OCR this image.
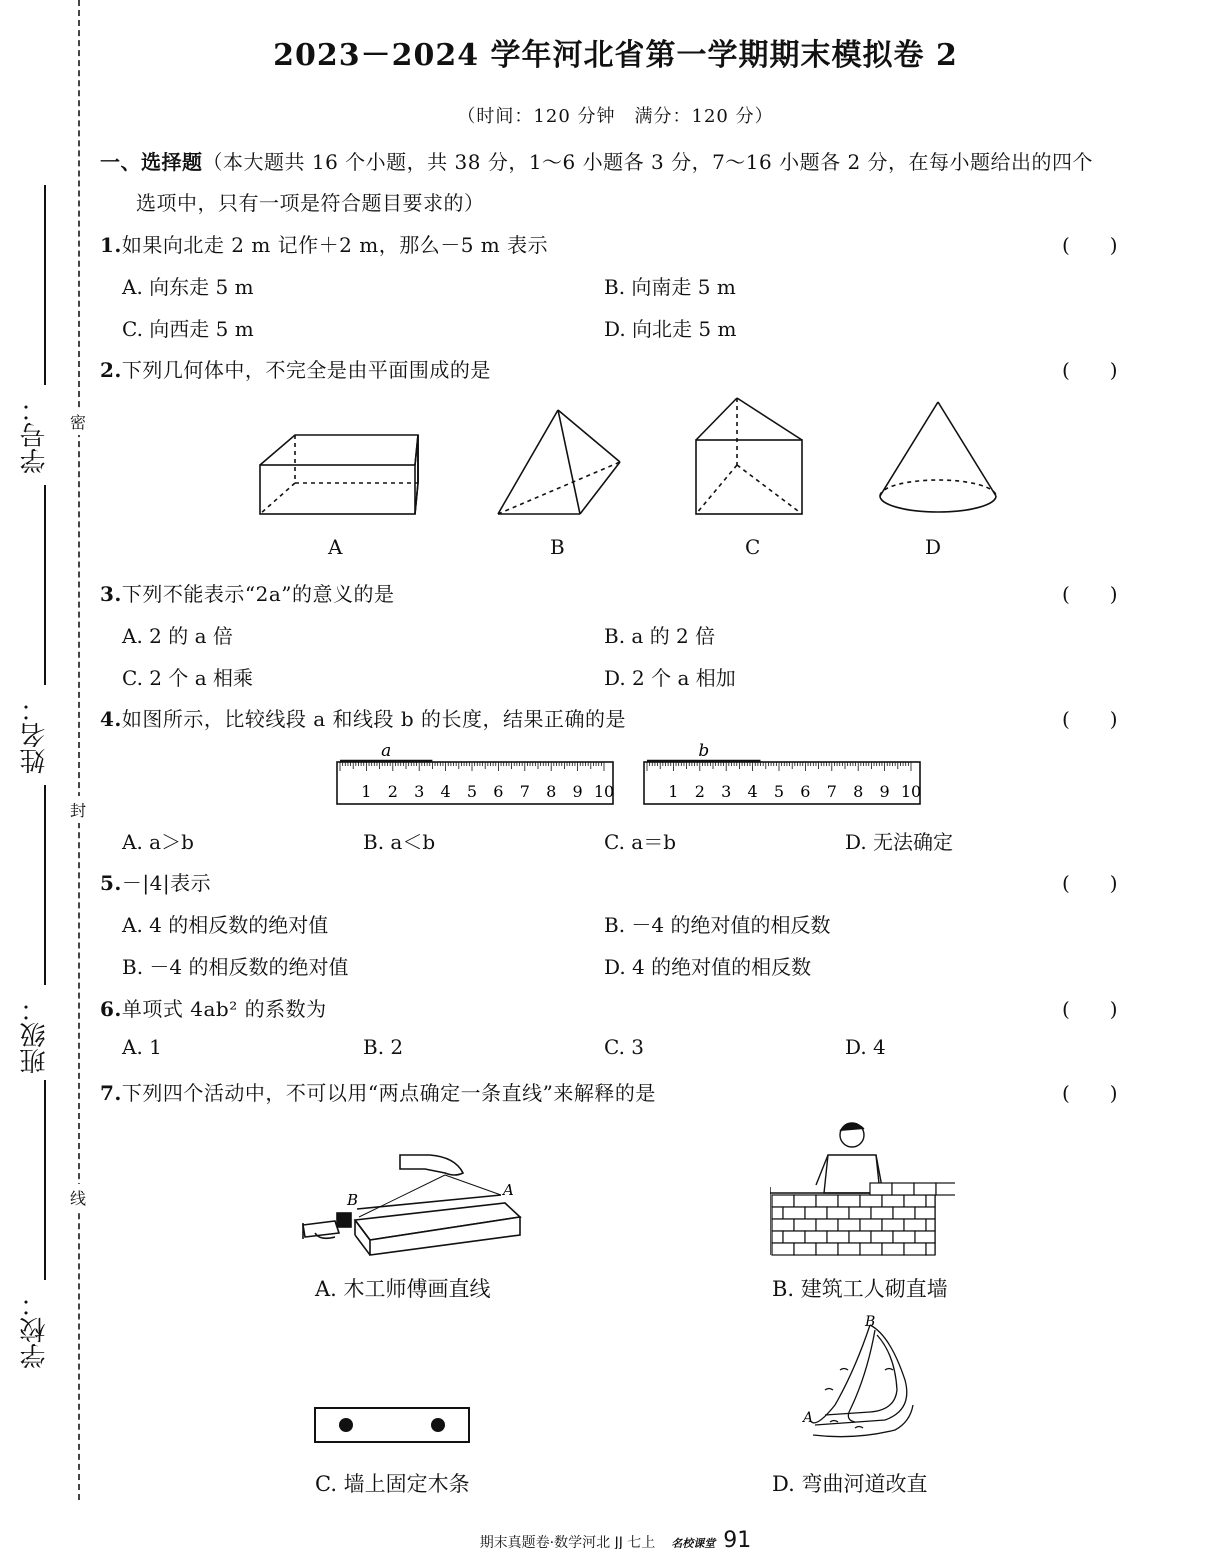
密
封
线
学号：
姓名：
班级：
学校：
2023－2024 学年河北省第一学期期末模拟卷 2
（时间：120 分钟　满分：120 分）
一、选择题（本大题共 16 个小题，共 38 分，1～6 小题各 3 分，7～16 小题各 2 分，在每小题给出的四个
选项中，只有一项是符合题目要求的）
1.如果向北走 2 m 记作＋2 m，那么－5 m 表示	(　　)
A. 向东走 5 m	B. 向南走 5 m
C. 向西走 5 m	D. 向北走 5 m
2.下列几何体中，不完全是由平面围成的是	(　　)
A	B	C	D
3.下列不能表示“2a”的意义的是	(　　)
A. 2 的 a 倍	B. a 的 2 倍
C. 2 个 a 相乘	D. 2 个 a 相加
4.如图所示，比较线段 a 和线段 b 的长度，结果正确的是	(　　)
1 2 3 4 5 6 7 8 9 10
a
1 2 3 4 5 6 7 8 9 10
b
A. a＞b	B. a＜b	C. a＝b	D. 无法确定
5.－|4|表示	(　　)
A. 4 的相反数的绝对值	B. －4 的绝对值的相反数
B. －4 的相反数的绝对值	D. 4 的绝对值的相反数
6.单项式 4ab² 的系数为	(　　)
A. 1	B. 2	C. 3	D. 4
7.下列四个活动中，不可以用“两点确定一条直线”来解释的是	(　　)
B
A
A. 木工师傅画直线	B. 建筑工人砌直墙
C. 墙上固定木条
B
A
D. 弯曲河道改直
期末真题卷·数学河北 JJ 七上 名校课堂 91
